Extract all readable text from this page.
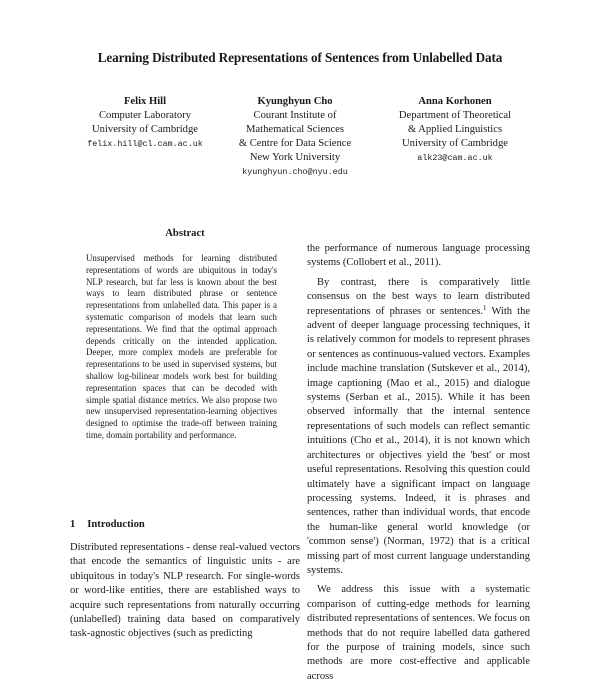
Learning Distributed Representations of Sentences from Unlabelled Data
Felix Hill
Computer Laboratory
University of Cambridge
felix.hill@cl.cam.ac.uk
Kyunghyun Cho
Courant Institute of
Mathematical Sciences
& Centre for Data Science
New York University
kyunghyun.cho@nyu.edu
Anna Korhonen
Department of Theoretical
& Applied Linguistics
University of Cambridge
alk23@cam.ac.uk
Abstract

Unsupervised methods for learning distributed representations of words are ubiquitous in today's NLP research, but far less is known about the best ways to learn distributed phrase or sentence representations from unlabelled data. This paper is a systematic comparison of models that learn such representations. We find that the optimal approach depends critically on the intended application. Deeper, more complex models are preferable for representations to be used in supervised systems, but shallow log-bilinear models work best for building representation spaces that can be decoded with simple spatial distance metrics. We also propose two new unsupervised representation-learning objectives designed to optimise the trade-off between training time, domain portability and performance.

1 Introduction

Distributed representations - dense real-valued vectors that encode the semantics of linguistic units - are ubiquitous in today's NLP research. For single-words or word-like entities, there are established ways to acquire such representations from naturally occurring (unlabelled) training data based on comparatively task-agnostic objectives (such as predicting

the performance of numerous language processing systems (Collobert et al., 2011).

By contrast, there is comparatively little consensus on the best ways to learn distributed representations of phrases or sentences.$^1$ With the advent of deeper language processing techniques, it is relatively common for models to represent phrases or sentences as continuous-valued vectors. Examples include machine translation (Sutskever et al., 2014), image captioning (Mao et al., 2015) and dialogue systems (Serban et al., 2015). While it has been observed informally that the internal sentence representations of such models can reflect semantic intuitions (Cho et al., 2014), it is not known which architectures or objectives yield the 'best' or most useful representations. Resolving this question could ultimately have a significant impact on language processing systems. Indeed, it is phrases and sentences, rather than individual words, that encode the human-like general world knowledge (or 'common sense') (Norman, 1972) that is a critical missing part of most current language understanding systems.

We address this issue with a systematic comparison of cutting-edge methods for learning distributed representations of sentences. We focus on methods that do not require labelled data gathered for the purpose of training models, since such methods are more cost-effective and applicable across
